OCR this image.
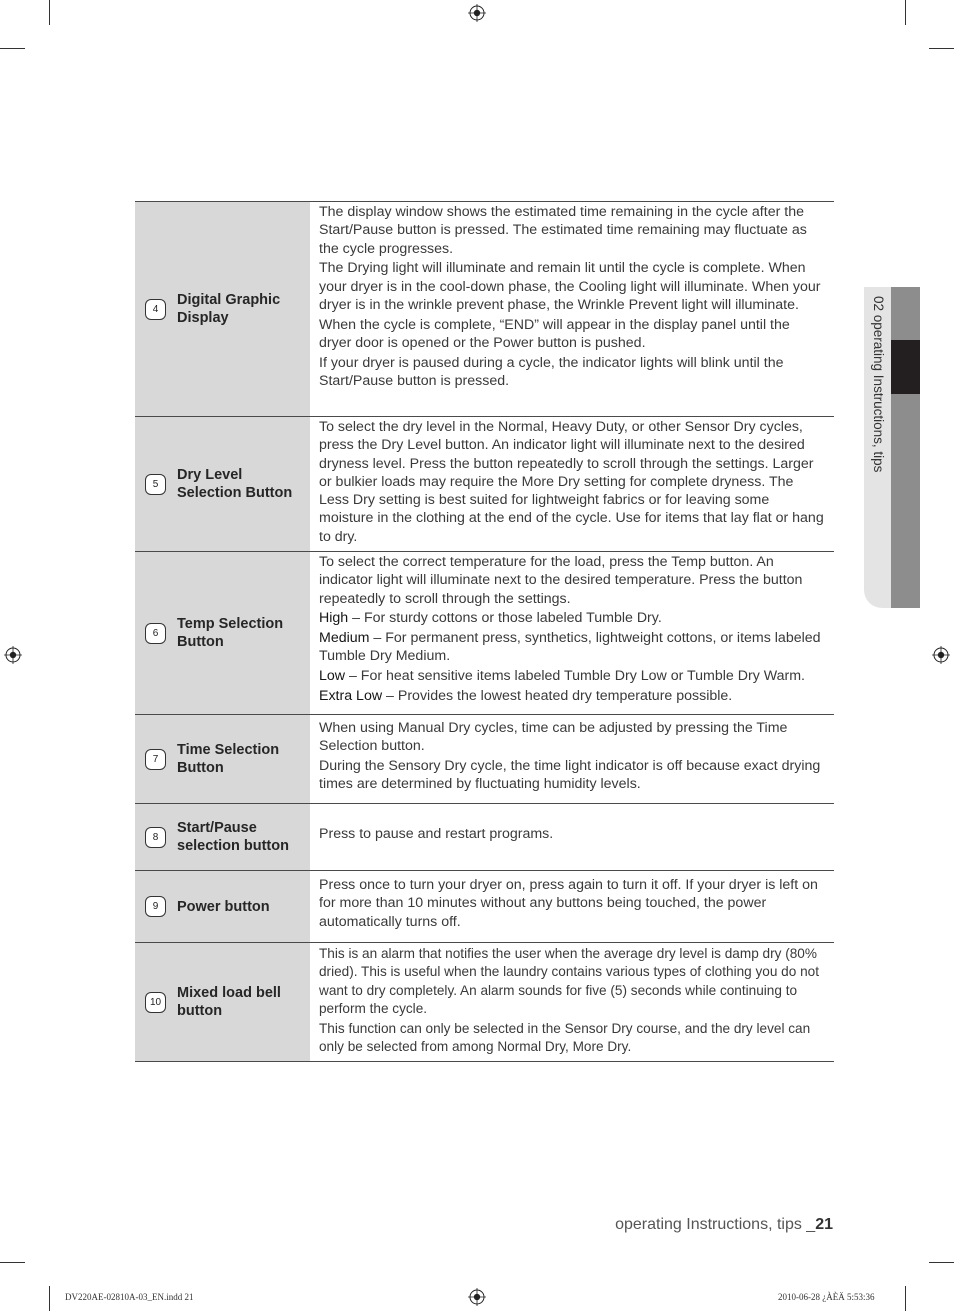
4
Digital Graphic Display

The display window shows the estimated time remaining in the cycle after the Start/Pause button is pressed. The estimated time remaining may fluctuate as the cycle progresses.

The Drying light will illuminate and remain lit until the cycle is complete. When your dryer is in the cool-down phase, the Cooling light will illuminate. When your dryer is in the wrinkle prevent phase, the Wrinkle Prevent light will illuminate.

When the cycle is complete, “END” will appear in the display panel until the dryer door is opened or the Power button is pushed.

If your dryer is paused during a cycle, the indicator lights will blink until the Start/Pause button is pressed.

5
Dry Level Selection Button

To select the dry level in the Normal, Heavy Duty, or other Sensor Dry cycles, press the Dry Level button. An indicator light will illuminate next to the desired dryness level. Press the button repeatedly to scroll through the settings. Larger or bulkier loads may require the More Dry setting for complete dryness. The Less Dry setting is best suited for lightweight fabrics or for leaving some moisture in the clothing at the end of the cycle. Use for items that lay flat or hang to dry.

6
Temp Selection Button

To select the correct temperature for the load, press the Temp button. An indicator light will illuminate next to the desired temperature. Press the button repeatedly to scroll through the settings.

High – For sturdy cottons or those labeled Tumble Dry.

Medium – For permanent press, synthetics, lightweight cottons, or items labeled Tumble Dry Medium.

Low – For heat sensitive items labeled Tumble Dry Low or Tumble Dry Warm.

Extra Low – Provides the lowest heated dry temperature possible.

7
Time Selection Button

When using Manual Dry cycles, time can be adjusted by pressing the Time Selection button.

During the Sensory Dry cycle, the time light indicator is off because exact drying times are determined by fluctuating humidity levels.

8
Start/Pause selection button

Press to pause and restart programs.

9	Power button

Press once to turn your dryer on, press again to turn it off. If your dryer is left on for more than 10 minutes without any buttons being touched, the power automatically turns off.

10
Mixed load bell button

This is an alarm that notifies the user when the average dry level is damp dry (80% dried). This is useful when the laundry contains various types of clothing you do not want to dry completely. An alarm sounds for five (5) seconds while continuing to perform the cycle.

This function can only be selected in the Sensor Dry course, and the dry level can only be selected from among Normal Dry, More Dry.

02 operating Instructions, tips
operating Instructions, tips _21
DV220AE-02810A-03_EN.indd 21	2010-06-28 ¿ÀÈÄ 5:53:36
